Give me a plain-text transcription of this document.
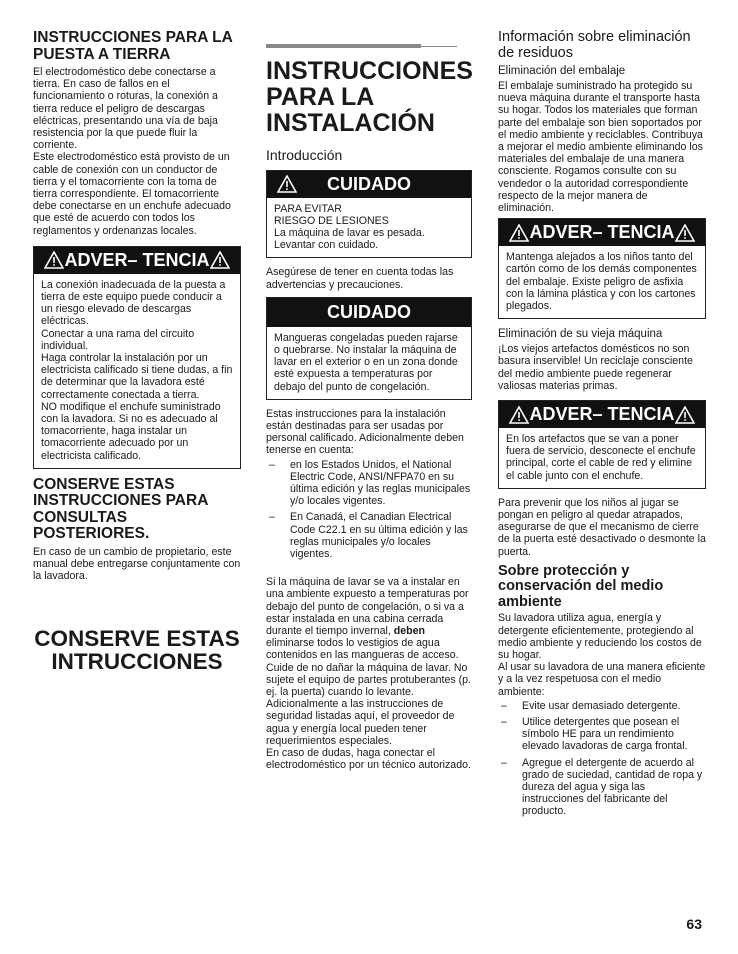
INSTRUCCIONES PARA LA PUESTA A TIERRA

El electrodoméstico debe conectarse a tierra. En caso de fallos en el funcionamiento o roturas, la conexión a tierra reduce el peligro de descargas eléctricas, presentando una vía de baja resistencia por la que puede fluir la corriente.

Este electrodoméstico está provisto de un cable de conexión con un conductor de tierra y el tomacorriente con la toma de tierra correspondiente. El tomacorriente debe conectarse en un enchufe adecuado que esté de acuerdo con todos los reglamentos y ordenanzas locales.

ADVER– TENCIA

La conexión inadecuada de la puesta a tierra de este equipo puede conducir a un riesgo elevado de descargas eléctricas.

Conectar a una rama del circuito individual.

Haga controlar la instalación por un electricista calificado si tiene dudas, a fin de determinar que la lavadora esté correctamente conectada a tierra.

NO modifique el enchufe suministrado con la lavadora. Si no es adecuado al tomacorriente, haga instalar un tomacorriente adecuado por un electricista calificado.

CONSERVE ESTAS INSTRUCCIONES PARA CONSULTAS POSTERIORES.

En caso de un cambio de propietario, este manual debe entregarse conjuntamente con la lavadora.

CONSERVE ESTAS INTRUCCIONES
INSTRUCCIONES PARA LA INSTALACIÓN
Introducción
CUIDADO

PARA EVITAR

RIESGO DE LESIONES

La máquina de lavar es pesada.

Levantar con cuidado.

Asegúrese de tener en cuenta todas las advertencias y precauciones.

CUIDADO

Mangueras congeladas pueden rajarse o quebrarse. No instalar la máquina de lavar en el exterior o en un zona donde esté expuesta a temperaturas por debajo del punto de congelación.

Estas instrucciones para la instalación están destinadas para ser usadas por personal calificado. Adicionalmente deben tenerse en cuenta:

– en los Estados Unidos, el National Electric Code, ANSI/NFPA70 en su última edición y las reglas municipales y/o locales vigentes.
– En Canadá, el Canadian Electrical Code C22.1 en su última edición y las reglas municipales y/o locales vigentes.

Si la máquina de lavar se va a instalar en una ambiente expuesto a temperaturas por debajo del punto de congelación, o si va a estar instalada en una cabina cerrada durante el tiempo invernal, deben eliminarse todos lo vestigios de agua contenidos en las mangueras de acceso.

Cuide de no dañar la máquina de lavar. No sujete el equipo de partes protuberantes (p. ej. la puerta) cuando lo levante.

Adicionalmente a las instrucciones de seguridad listadas aquí, el proveedor de agua y energía local pueden tener requerimientos especiales.

En caso de dudas, haga conectar el electrodoméstico por un técnico autorizado.

Información sobre eliminación de residuos
Eliminación del embalaje

El embalaje suministrado ha protegido su nueva máquina durante el transporte hasta su hogar. Todos los materiales que forman parte del embalaje son bien soportados por el medio ambiente y reciclables. Contribuya a mejorar el medio ambiente eliminando los materiales del embalaje de una manera consciente. Rogamos consulte con su vendedor o la autoridad correspondiente respecto de la mejor manera de eliminación.

ADVER– TENCIA

Mantenga alejados a los niños tanto del cartón como de los demás componentes del embalaje. Existe peligro de asfixia con la lámina plástica y con los cartones plegados.

Eliminación de su vieja máquina

¡Los viejos artefactos domésticos no son basura inservible! Un reciclaje consciente del medio ambiente puede regenerar valiosas materias primas.

ADVER– TENCIA

En los artefactos que se van a poner fuera de servicio, desconecte el enchufe principal, corte el cable de red y elimine el cable junto con el enchufe.

Para prevenir que los niños al jugar se pongan en peligro al quedar atrapados, asegurarse de que el mecanismo de cierre de la puerta esté desactivado o desmonte la puerta.

Sobre protección y conservación del medio ambiente

Su lavadora utiliza agua, energía y detergente eficientemente, protegiendo al medio ambiente y reduciendo los costos de su hogar.

Al usar su lavadora de una manera eficiente y a la vez respetuosa con el medio ambiente:

– Evite usar demasiado detergente.
– Utilice detergentes que posean el símbolo HE para un rendimiento elevado lavadoras de carga frontal.
– Agregue el detergente de acuerdo al grado de suciedad, cantidad de ropa y dureza del agua y siga las instrucciones del fabricante del producto.
63
